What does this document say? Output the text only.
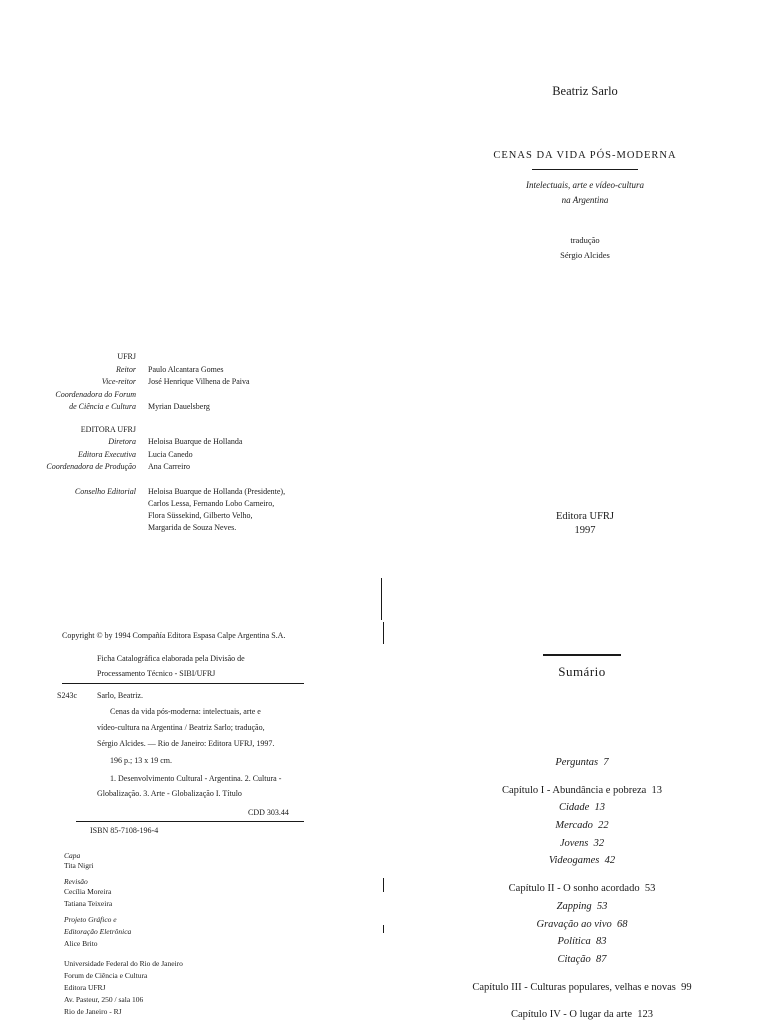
Beatriz Sarlo
CENAS DA VIDA PÓS-MODERNA
Intelectuais, arte e vídeo-cultura
na Argentina
tradução
Sérgio Alcides
Editora UFRJ
1997
UFRJ
Reitor	Paulo Alcantara Gomes
Vice-reitor	José Henrique Vilhena de Paiva
Coordenadora do Forum
de Ciência e Cultura	Myrian Dauelsberg
EDITORA UFRJ
Diretora	Heloisa Buarque de Hollanda
Editora Executiva	Lucia Canedo
Coordenadora de Produção	Ana Carreiro
Conselho Editorial	Heloisa Buarque de Hollanda (Presidente),
Carlos Lessa, Fernando Lobo Carneiro,
Flora Süssekind, Gilberto Velho,
Margarida de Souza Neves.
Copyright © by 1994 Compañía Editora Espasa Calpe Argentina S.A.
Ficha Catalográfica elaborada pela Divisão de
Processamento Técnico - SIBI/UFRJ
S243c	Sarlo, Beatriz.
Cenas da vida pós-moderna: intelectuais, arte e
vídeo-cultura na Argentina / Beatriz Sarlo; tradução,
Sérgio Alcides. — Rio de Janeiro: Editora UFRJ, 1997.
196 p.; 13 x 19 cm.
1. Desenvolvimento Cultural - Argentina. 2. Cultura -
Globalização. 3. Arte - Globalização I. Título
CDD 303.44
ISBN 85-7108-196-4
Capa
Tita Nigri
Revisão
Cecília Moreira
Tatiana Teixeira
Projeto Gráfico e
Editoração Eletrônica
Alice Brito
Universidade Federal do Rio de Janeiro
Forum de Ciência e Cultura
Editora UFRJ
Av. Pasteur, 250 / sala 106
Rio de Janeiro - RJ
Sumário
Perguntas 7
Capítulo I - Abundância e pobreza 13
Cidade 13
Mercado 22
Jovens 32
Videogames 42
Capítulo II - O sonho acordado 53
Zapping 53
Gravação ao vivo 68
Política 83
Citação 87
Capítulo III - Culturas populares, velhas e novas 99
Capítulo IV - O lugar da arte 123
